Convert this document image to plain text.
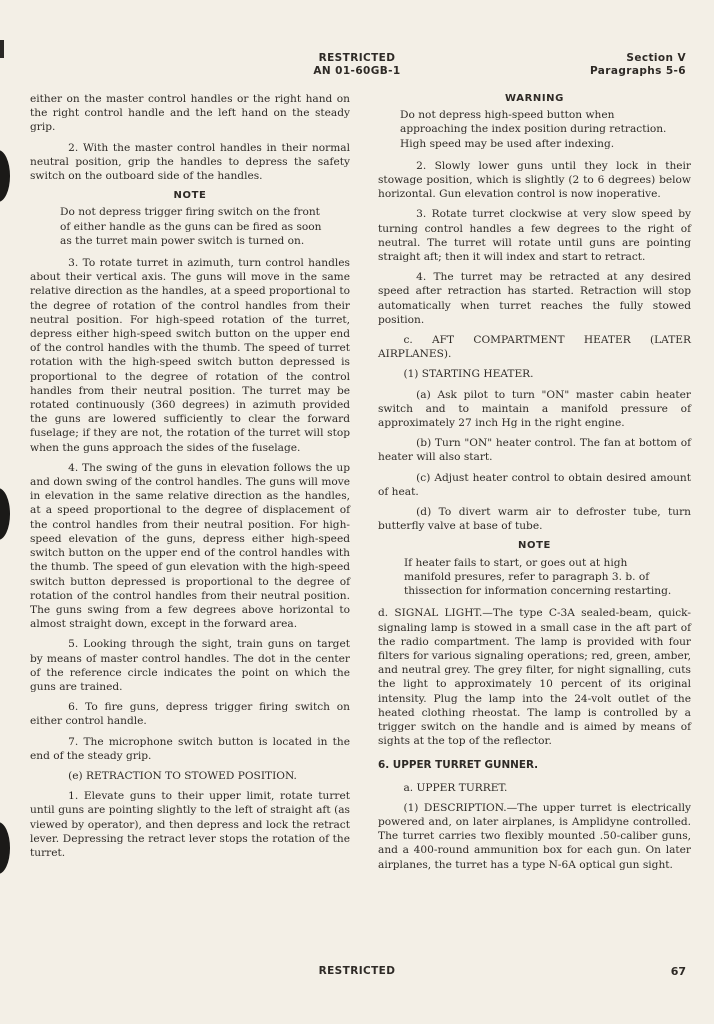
RESTRICTED
AN 01-60GB-1
Section V
Paragraphs 5-6

either on the master control handles or the right hand on the right control handle and the left hand on the steady grip.

2. With the master control handles in their normal neutral position, grip the handles to depress the safety switch on the outboard side of the handles.

NOTE
Do not depress trigger firing switch on the front of either handle as the guns can be fired as soon as the turret main power switch is turned on.

3. To rotate turret in azimuth, turn control handles about their vertical axis. The guns will move in the same relative direction as the handles, at a speed proportional to the degree of rotation of the control handles from their neutral position. For high-speed rotation of the turret, depress either high-speed switch button on the upper end of the control handles with the thumb. The speed of turret rotation with the high-speed switch button depressed is proportional to the degree of rotation of the control handles from their neutral position. The turret may be rotated continuously (360 degrees) in azimuth provided the guns are lowered sufficiently to clear the forward fuselage; if they are not, the rotation of the turret will stop when the guns approach the sides of the fuselage.

4. The swing of the guns in elevation follows the up and down swing of the control handles. The guns will move in elevation in the same relative direction as the handles, at a speed proportional to the degree of displacement of the control handles from their neutral position. For high-speed elevation of the guns, depress either high-speed switch button on the upper end of the control handles with the thumb. The speed of gun elevation with the high-speed switch button depressed is proportional to the degree of rotation of the control handles from their neutral position. The guns swing from a few degrees above horizontal to almost straight down, except in the forward area.

5. Looking through the sight, train guns on target by means of master control handles. The dot in the center of the reference circle indicates the point on which the guns are trained.

6. To fire guns, depress trigger firing switch on either control handle.

7. The microphone switch button is located in the end of the steady grip.

(e) RETRACTION TO STOWED POSITION.

1. Elevate guns to their upper limit, rotate turret until guns are pointing slightly to the left of straight aft (as viewed by operator), and then depress and lock the retract lever. Depressing the retract lever stops the rotation of the turret.

WARNING
Do not depress high-speed button when approaching the index position during retraction. High speed may be used after indexing.

2. Slowly lower guns until they lock in their stowage position, which is slightly (2 to 6 degrees) below horizontal. Gun elevation control is now inoperative.

3. Rotate turret clockwise at very slow speed by turning control handles a few degrees to the right of neutral. The turret will rotate until guns are pointing straight aft; then it will index and start to retract.

4. The turret may be retracted at any desired speed after retraction has started. Retraction will stop automatically when turret reaches the fully stowed position.

c. AFT COMPARTMENT HEATER (LATER AIRPLANES).

(1) STARTING HEATER.

(a) Ask pilot to turn "ON" master cabin heater switch and to maintain a manifold pressure of approximately 27 inch Hg in the right engine.

(b) Turn "ON" heater control. The fan at bottom of heater will also start.

(c) Adjust heater control to obtain desired amount of heat.

(d) To divert warm air to defroster tube, turn butterfly valve at base of tube.

NOTE
If heater fails to start, or goes out at high manifold presures, refer to paragraph 3. b. of thissection for information concerning restarting.

d. SIGNAL LIGHT.—The type C-3A sealed-beam, quick-signaling lamp is stowed in a small case in the aft part of the radio compartment. The lamp is provided with four filters for various signaling operations; red, green, amber, and neutral grey. The grey filter, for night signalling, cuts the light to approximately 10 percent of its original intensity. Plug the lamp into the 24-volt outlet of the heated clothing rheostat. The lamp is controlled by a trigger switch on the handle and is aimed by means of sights at the top of the reflector.

6. UPPER TURRET GUNNER.

a. UPPER TURRET.

(1) DESCRIPTION.—The upper turret is electrically powered and, on later airplanes, is Amplidyne controlled. The turret carries two flexibly mounted .50-caliber guns, and a 400-round ammunition box for each gun. On later airplanes, the turret has a type N-6A optical gun sight.

RESTRICTED	67
